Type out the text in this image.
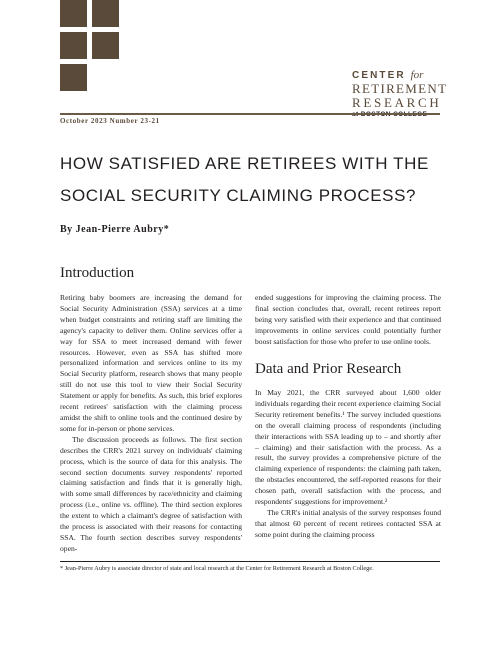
CENTER for
RETIREMENT
RESEARCH
October 2023 Number 23-21
HOW SATISFIED ARE RETIREES WITH THE
SOCIAL SECURITY CLAIMING PROCESS?
By Jean-Pierre Aubry*
Introduction

Retiring baby boomers are increasing the demand for Social Security Administration (SSA) services at a time when budget constraints and retiring staff are limiting the agency's capacity to deliver them. Online services offer a way for SSA to meet increased demand with fewer resources. However, even as SSA has shifted more personalized information and services online to its my Social Security platform, research shows that many people still do not use this tool to view their Social Security Statement or apply for benefits. As such, this brief explores recent retirees' satisfaction with the claiming process amidst the shift to online tools and the continued desire by some for in-person or phone services.

The discussion proceeds as follows. The first section describes the CRR's 2021 survey on individuals' claiming process, which is the source of data for this analysis. The second section documents survey respondents' reported claiming satisfaction and finds that it is generally high, with some small differences by race/ethnicity and claiming process (i.e., online vs. offline). The third section explores the extent to which a claimant's degree of satisfaction with the process is associated with their reasons for contacting SSA. The fourth section describes survey respondents' open-

ended suggestions for improving the claiming process. The final section concludes that, overall, recent retirees report being very satisfied with their experience and that continued improvements in online services could potentially further boost satisfaction for those who prefer to use online tools.

Data and Prior Research

In May 2021, the CRR surveyed about 1,600 older individuals regarding their recent experience claiming Social Security retirement benefits.¹ The survey included questions on the overall claiming process of respondents (including their interactions with SSA leading up to – and shortly after – claiming) and their satisfaction with the process. As a result, the survey provides a comprehensive picture of the claiming experience of respondents: the claiming path taken, the obstacles encountered, the self-reported reasons for their chosen path, overall satisfaction with the process, and respondents' suggestions for improvement.²

The CRR's initial analysis of the survey responses found that almost 60 percent of recent retirees contacted SSA at some point during the claiming process

* Jean-Pierre Aubry is associate director of state and local research at the Center for Retirement Research at Boston College.
